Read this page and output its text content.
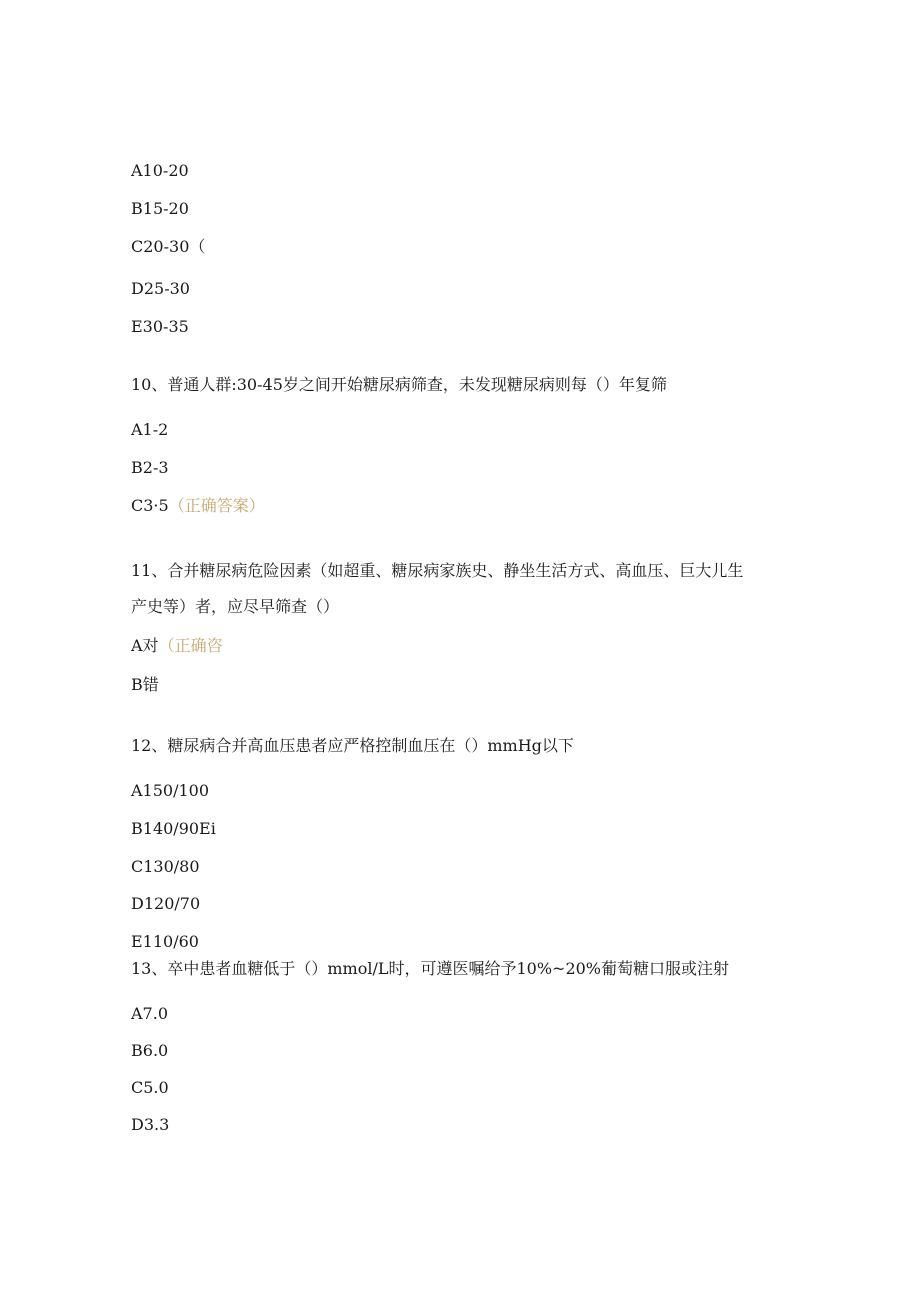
A10-20
B15-20
C20-30（
D25-30
E30-35
10、普通人群:30-45岁之间开始糖尿病筛查，未发现糖尿病则每（）年复筛
A1-2
B2-3
C3·5（正确答案）
11、合并糖尿病危险因素（如超重、糖尿病家族史、静坐生活方式、高血压、巨大儿生
产史等）者，应尽早筛查（）
A对（正确咨
B错
12、糖尿病合并高血压患者应严格控制血压在（）mmHg以下
A150/100
B140/90Ei
C130/80
D120/70
E110/60
13、卒中患者血糖低于（）mmol/L时，可遵医嘱给予10%~20%葡萄糖口服或注射
A7.0
B6.0
C5.0
D3.3
